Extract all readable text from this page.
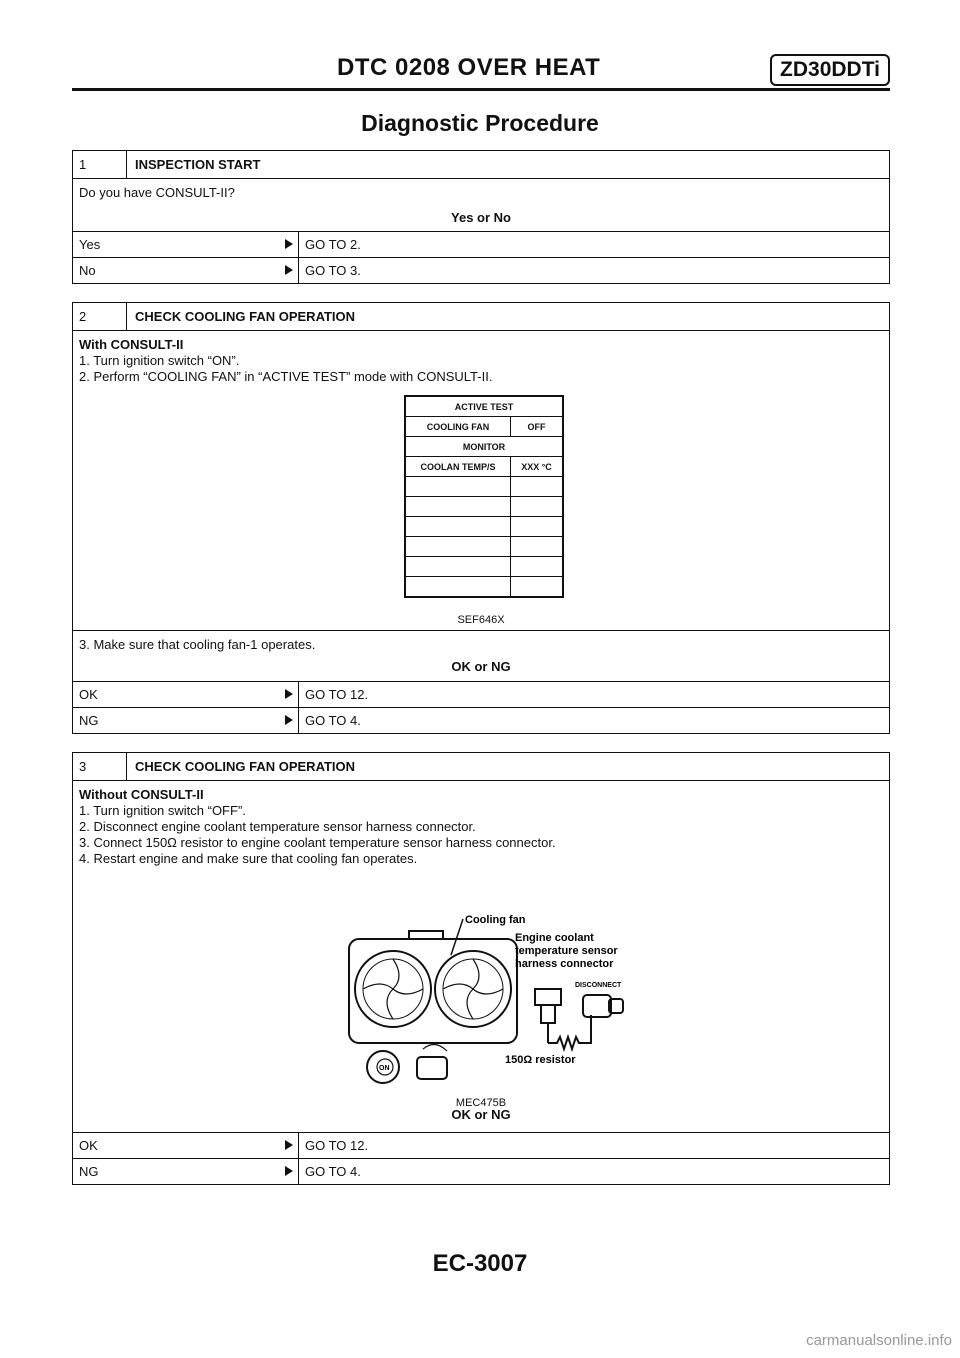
DTC 0208 OVER HEAT	ZD30DDTi
Diagnostic Procedure
1	INSPECTION START
Do you have CONSULT-II?
Yes or No
Yes	GO TO 2.
No	GO TO 3.
2	CHECK COOLING FAN OPERATION
With CONSULT-II
1. Turn ignition switch “ON”.
2. Perform “COOLING FAN” in “ACTIVE TEST” mode with CONSULT-II.
ACTIVE TEST	
COOLING FAN	OFF
MONITOR	
COOLAN TEMP/S	XXX °C

SEF646X
3. Make sure that cooling fan-1 operates.
OK or NG
OK	GO TO 12.
NG	GO TO 4.
3	CHECK COOLING FAN OPERATION
Without CONSULT-II
1. Turn ignition switch “OFF”.
2. Disconnect engine coolant temperature sensor harness connector.
3. Connect 150Ω resistor to engine coolant temperature sensor harness connector.
4. Restart engine and make sure that cooling fan operates.
Cooling fan
Engine coolant
temperature sensor
harness connector
DISCONNECT
150Ω resistor
ON
MEC475B
OK or NG
OK	GO TO 12.
NG	GO TO 4.
EC-3007
carmanualsonline.info
